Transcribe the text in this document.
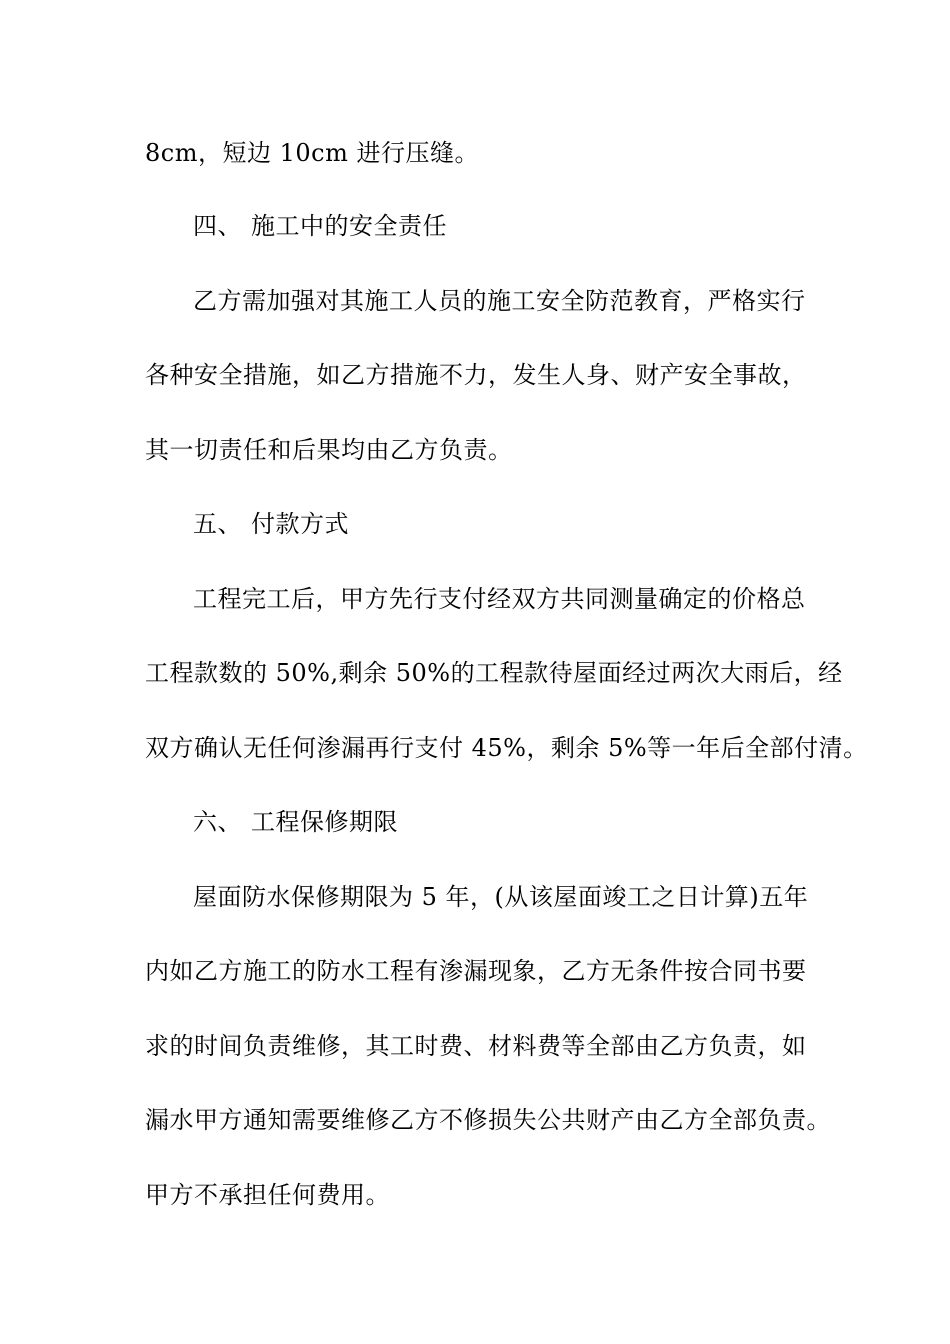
8cm，短边 10cm 进行压缝。
四、 施工中的安全责任
乙方需加强对其施工人员的施工安全防范教育，严格实行
各种安全措施，如乙方措施不力，发生人身、财产安全事故，
其一切责任和后果均由乙方负责。
五、 付款方式
工程完工后，甲方先行支付经双方共同测量确定的价格总
工程款数的 50%,剩余 50%的工程款待屋面经过两次大雨后，经
双方确认无任何渗漏再行支付 45%，剩余 5%等一年后全部付清。
六、 工程保修期限
屋面防水保修期限为 5 年，(从该屋面竣工之日计算)五年
内如乙方施工的防水工程有渗漏现象，乙方无条件按合同书要
求的时间负责维修，其工时费、材料费等全部由乙方负责，如
漏水甲方通知需要维修乙方不修损失公共财产由乙方全部负责。
甲方不承担任何费用。
